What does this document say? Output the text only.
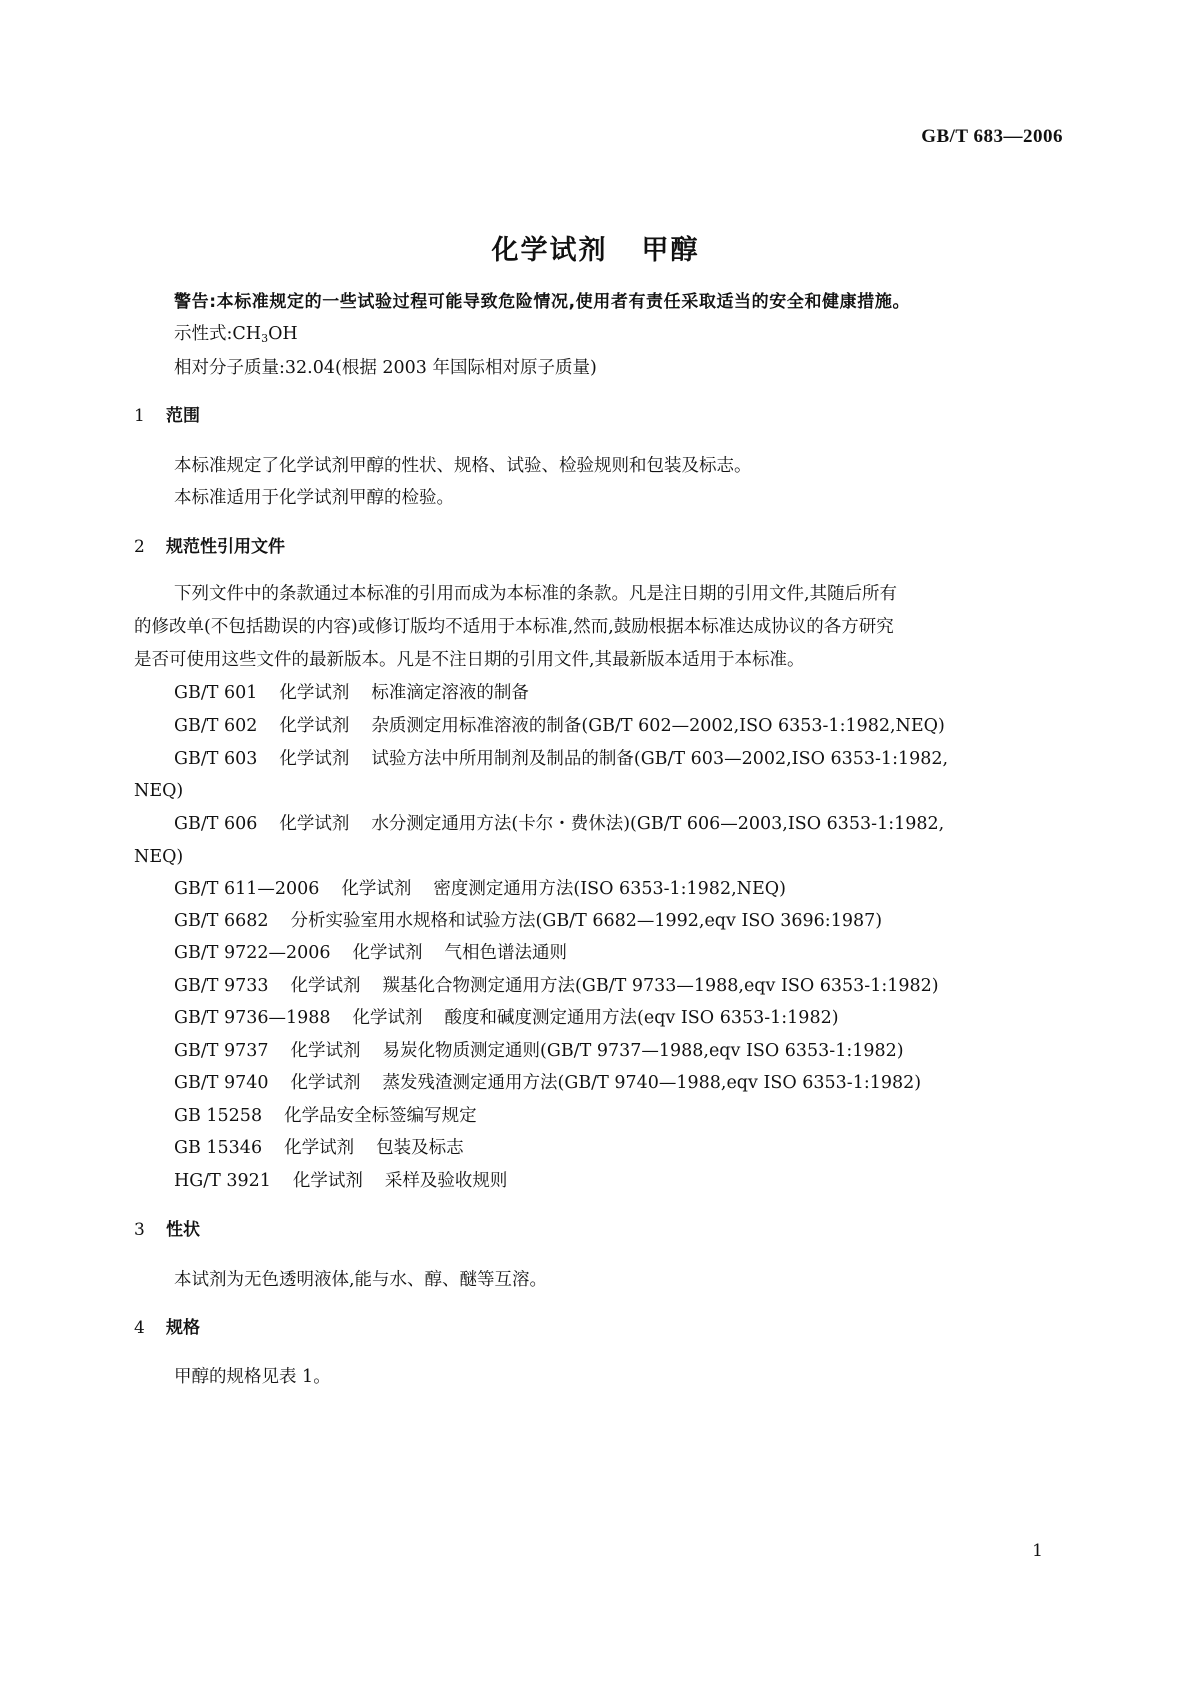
GB/T 683—2006
化学试剂 甲醇
警告:本标准规定的一些试验过程可能导致危险情况,使用者有责任采取适当的安全和健康措施。
示性式$:CH_3OH$
相对分子质量:32.04(根据 2003 年国际相对原子质量)
1 范围
本标准规定了化学试剂甲醇的性状、规格、试验、检验规则和包装及标志。
本标准适用于化学试剂甲醇的检验。
2 规范性引用文件
下列文件中的条款通过本标准的引用而成为本标准的条款。凡是注日期的引用文件,其随后所有
的修改单(不包括勘误的内容)或修订版均不适用于本标准,然而,鼓励根据本标准达成协议的各方研究
是否可使用这些文件的最新版本。凡是不注日期的引用文件,其最新版本适用于本标准。
GB/T 601 化学试剂 标准滴定溶液的制备
GB/T 602 化学试剂 杂质测定用标准溶液的制备(GB/T 602—2002,ISO 6353-1:1982,NEQ)
GB/T 603 化学试剂 试验方法中所用制剂及制品的制备(GB/T 603—2002,ISO 6353-1:1982,
NEQ)
GB/T 606 化学试剂 水分测定通用方法(卡尔・费休法)(GB/T 606—2003,ISO 6353-1:1982,
NEQ)
GB/T 611—2006 化学试剂 密度测定通用方法(ISO 6353-1:1982,NEQ)
GB/T 6682 分析实验室用水规格和试验方法(GB/T 6682—1992,eqv ISO 3696:1987)
GB/T 9722—2006 化学试剂 气相色谱法通则
GB/T 9733 化学试剂 羰基化合物测定通用方法(GB/T 9733—1988,eqv ISO 6353-1:1982)
GB/T 9736—1988 化学试剂 酸度和碱度测定通用方法(eqv ISO 6353-1:1982)
GB/T 9737 化学试剂 易炭化物质测定通则(GB/T 9737—1988,eqv ISO 6353-1:1982)
GB/T 9740 化学试剂 蒸发残渣测定通用方法(GB/T 9740—1988,eqv ISO 6353-1:1982)
GB 15258 化学品安全标签编写规定
GB 15346 化学试剂 包装及标志
HG/T 3921 化学试剂 采样及验收规则
3 性状
本试剂为无色透明液体,能与水、醇、醚等互溶。
4 规格
甲醇的规格见表 1。
1
